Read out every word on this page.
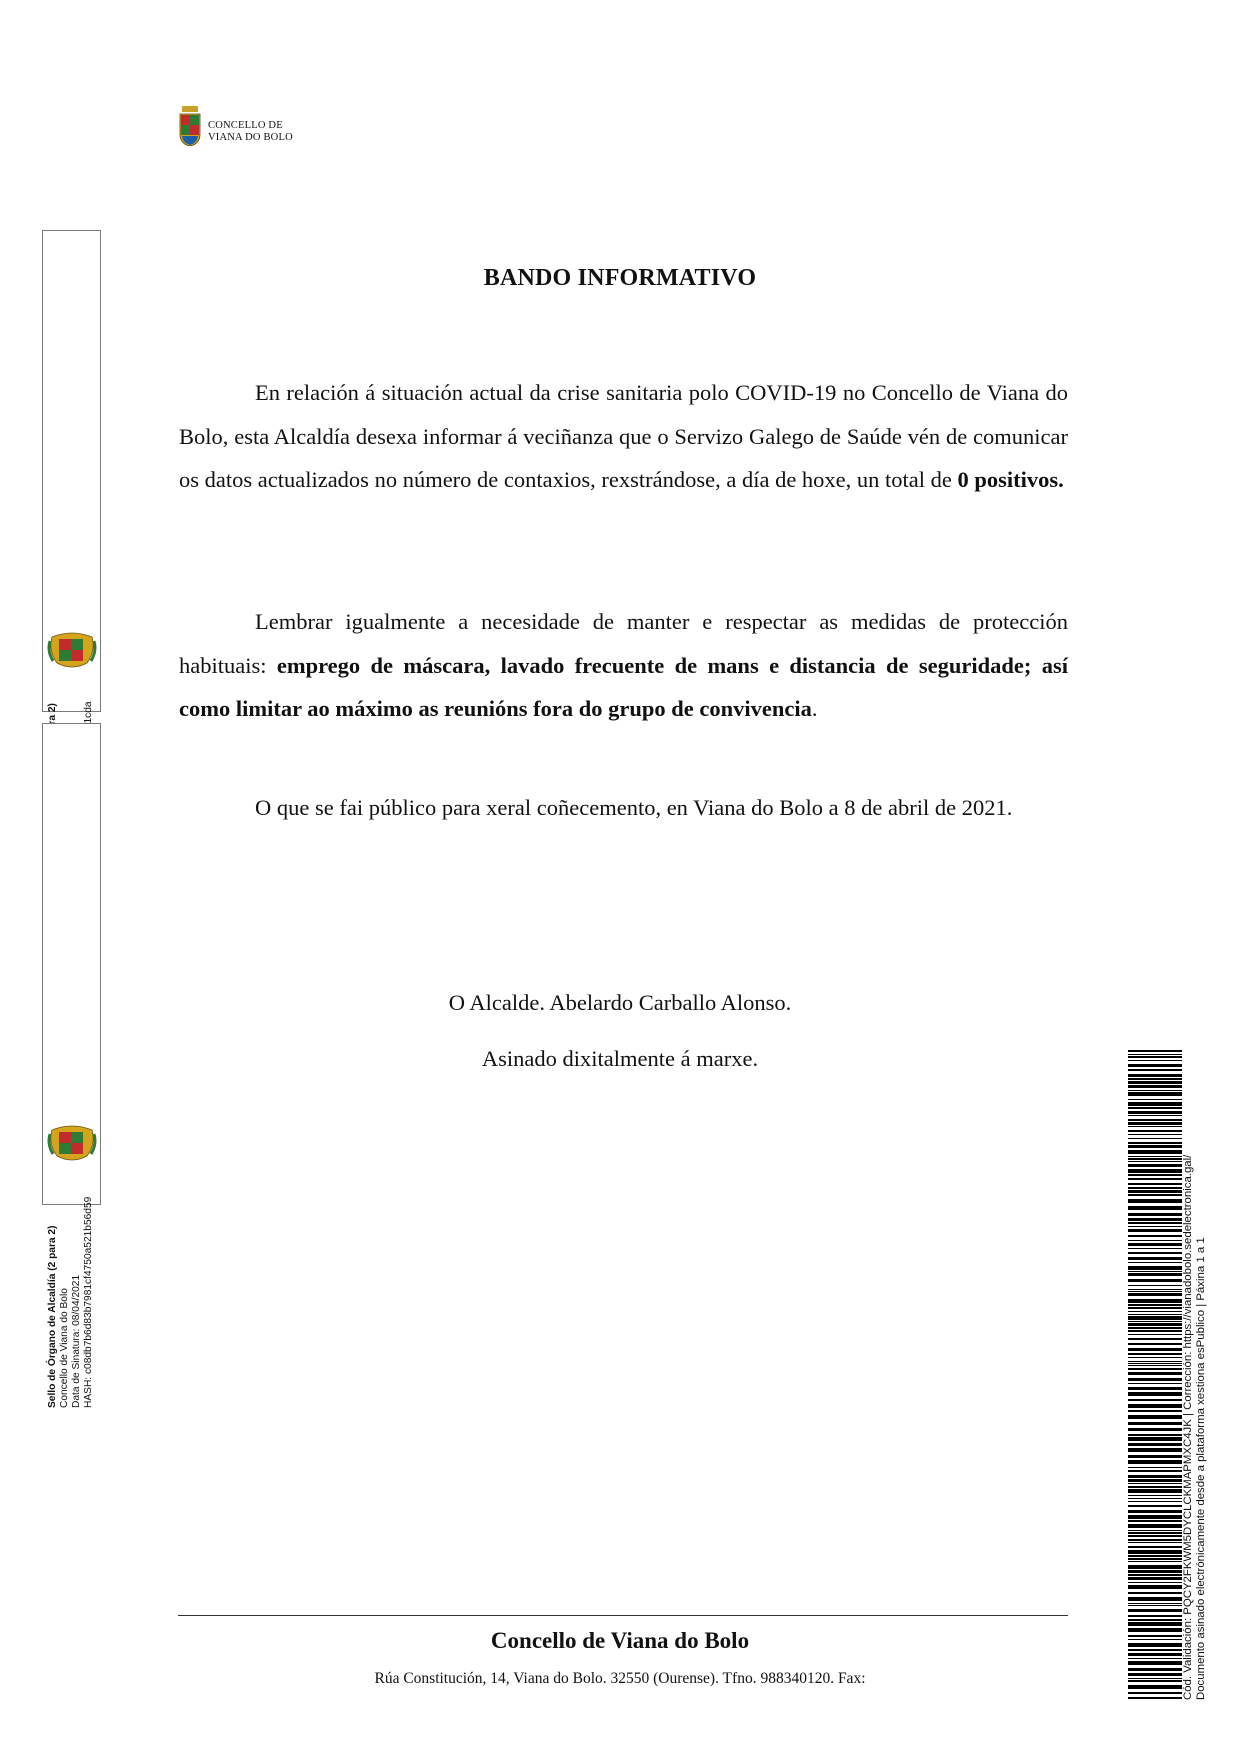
CONCELLO DE
VIANA DO BOLO
Sello de Órgano de Alcaldía (2 para 2) Concello de Viana do Bolo Data de Sinatura: 08/04/2021 HASH: c08db7b6d83b7981cf4750a521b56d59
BANDO INFORMATIVO
En relación á situación actual da crise sanitaria polo COVID-19 no Concello de Viana do Bolo, esta Alcaldía desexa informar á veciñanza que o Servizo Galego de Saúde vén de comunicar os datos actualizados no número de contaxios, rexstrándose, a día de hoxe, un total de 0 positivos.
Lembrar igualmente a necesidade de manter e respectar as medidas de protección habituais: emprego de máscara, lavado frecuente de mans e distancia de seguridade; así como limitar ao máximo as reunións fora do grupo de convivencia.
O que se fai público para xeral coñecemento, en Viana do Bolo a 8 de abril de 2021.
O Alcalde. Abelardo Carballo Alonso.
Asinado dixitalmente á marxe.
Concello de Viana do Bolo
Rúa Constitución, 14, Viana do Bolo. 32550 (Ourense). Tfno. 988340120. Fax:	Cód. Validación: PQCY2FKWM5DYCLCKMAPMXC4JK | Corrección: https://vianadobolo.sedelectronica.gal/ Documento asinado electrónicamente desde a plataforma xestiona esPublico | Páxina 1 a 1
